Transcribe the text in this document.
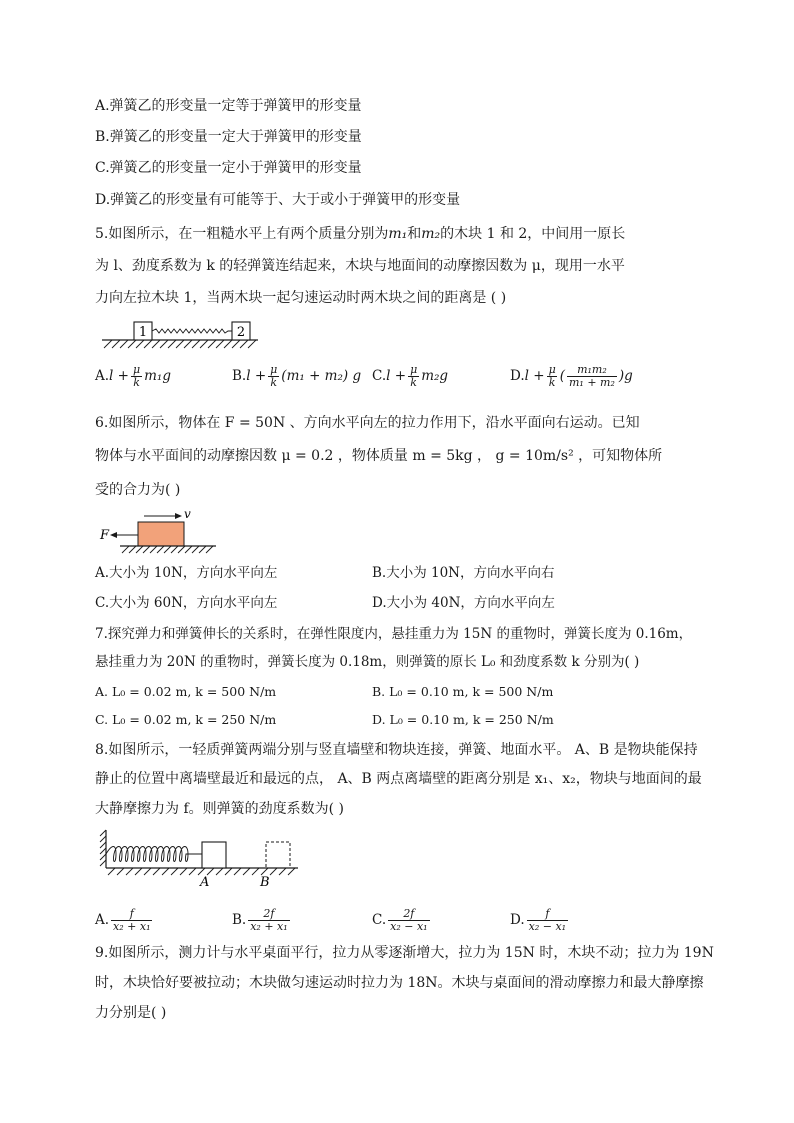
A.弹簧乙的形变量一定等于弹簧甲的形变量
B.弹簧乙的形变量一定大于弹簧甲的形变量
C.弹簧乙的形变量一定小于弹簧甲的形变量
D.弹簧乙的形变量有可能等于、大于或小于弹簧甲的形变量
5.如图所示，在一粗糙水平上有两个质量分别为m₁和m₂的木块 1 和 2，中间用一原长
为 l、劲度系数为 k 的轻弹簧连结起来，木块与地面间的动摩擦因数为 μ，现用一水平
力向左拉木块 1，当两木块一起匀速运动时两木块之间的距离是 ( )
1	2
$A.l + \frac{\mu}{k} m_1g$	$B.l + \frac{\mu}{k} (m_1 + m_2)$ g $C.l + \frac{\mu}{k} m_2g$	$D.l + \frac{\mu}{k}$ ( $\frac{\text{m₁m₂}}{\text{m₁ + m₂}} )g$
6.如图所示，物体在 F = 50N 、方向水平向左的拉力作用下，沿水平面向右运动。已知
物体与水平面间的动摩擦因数 μ = 0.2 ，物体质量 m = 5kg ， g = 10m/s² ，可知物体所
受的合力为( )
F
v
A.大小为 10N，方向水平向左	B.大小为 10N，方向水平向右
C.大小为 60N，方向水平向左	D.大小为 40N，方向水平向左
7.探究弹力和弹簧伸长的关系时，在弹性限度内，悬挂重力为 15N 的重物时，弹簧长度为 0.16m，
悬挂重力为 20N 的重物时，弹簧长度为 0.18m，则弹簧的原长 L₀ 和劲度系数 k 分别为( )
A. L₀ = 0.02 m, k = 500 N/m	B. L₀ = 0.10 m, k = 500 N/m
C. L₀ = 0.02 m, k = 250 N/m	D. L₀ = 0.10 m, k = 250 N/m
8.如图所示，一轻质弹簧两端分别与竖直墙壁和物块连接，弹簧、地面水平。 A、B 是物块能保持
静止的位置中离墙壁最近和最远的点， A、B 两点离墙壁的距离分别是 x₁、x₂，物块与地面间的最
大静摩擦力为 f。则弹簧的劲度系数为( )
A	B
A. $\frac{f}{\text{x₂ + x₁}}$	B. $\frac{2f}{\text{x₂ + x₁}}$	C. $\frac{2f}{\text{x₂ − x₁}}$	D. $\frac{f}{\text{x₂ − x₁}}$
9.如图所示，测力计与水平桌面平行，拉力从零逐渐增大，拉力为 15N 时，木块不动；拉力为 19N
时，木块恰好要被拉动；木块做匀速运动时拉力为 18N。木块与桌面间的滑动摩擦力和最大静摩擦
力分别是( )
